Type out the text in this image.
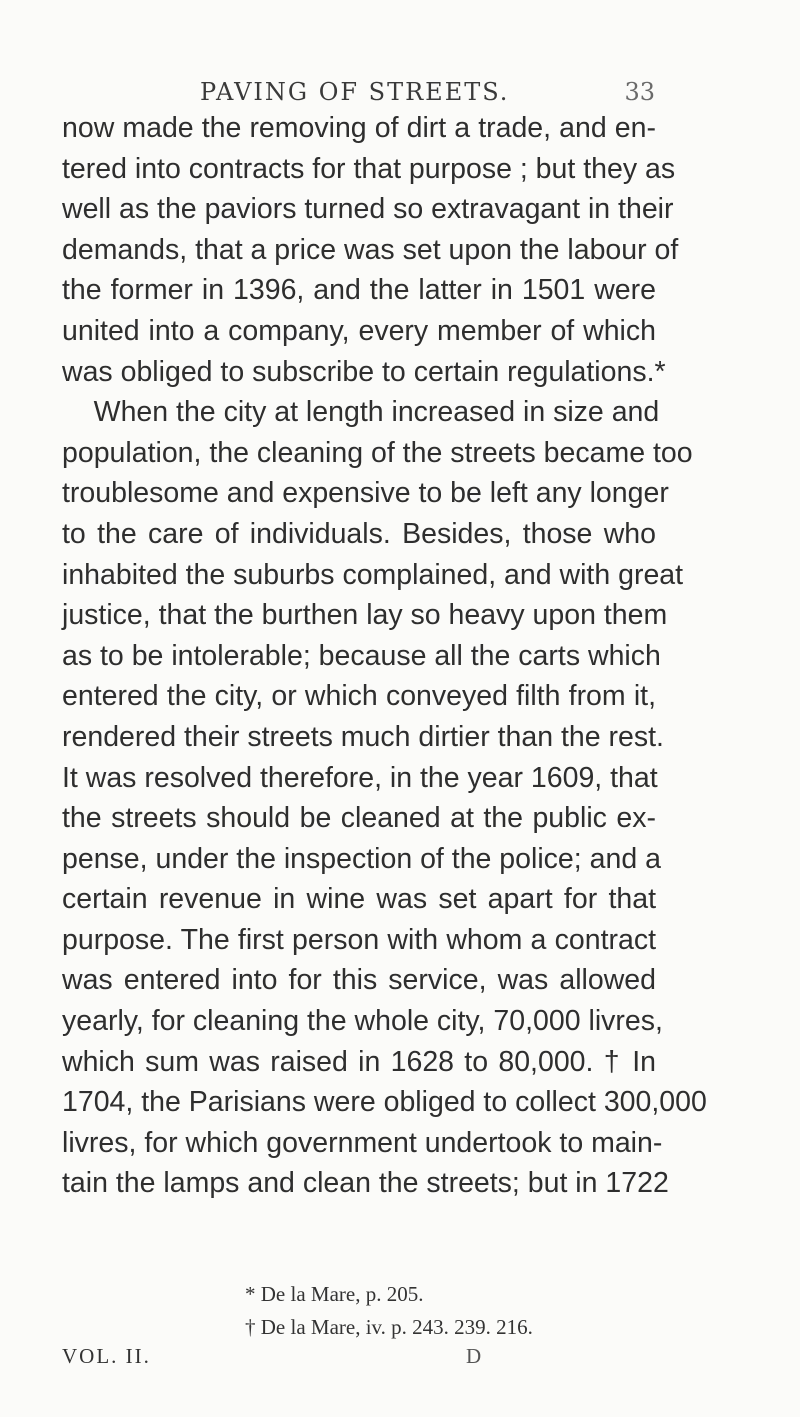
PAVING OF STREETS.	33
now made the removing of dirt a trade, and en-
tered into contracts for that purpose ; but they as
well as the paviors turned so extravagant in their
demands, that a price was set upon the labour of
the former in 1396, and the latter in 1501 were
united into a company, every member of which
was obliged to subscribe to certain regulations.*
When the city at length increased in size and
population, the cleaning of the streets became too
troublesome and expensive to be left any longer
to the care of individuals. Besides, those who
inhabited the suburbs complained, and with great
justice, that the burthen lay so heavy upon them
as to be intolerable; because all the carts which
entered the city, or which conveyed filth from it,
rendered their streets much dirtier than the rest.
It was resolved therefore, in the year 1609, that
the streets should be cleaned at the public ex-
pense, under the inspection of the police; and a
certain revenue in wine was set apart for that
purpose. The first person with whom a contract
was entered into for this service, was allowed
yearly, for cleaning the whole city, 70,000 livres,
which sum was raised in 1628 to 80,000. † In
1704, the Parisians were obliged to collect 300,000
livres, for which government undertook to main-
tain the lamps and clean the streets; but in 1722
* De la Mare, p. 205.
† De la Mare, iv. p. 243. 239. 216.
VOL. II.	D
